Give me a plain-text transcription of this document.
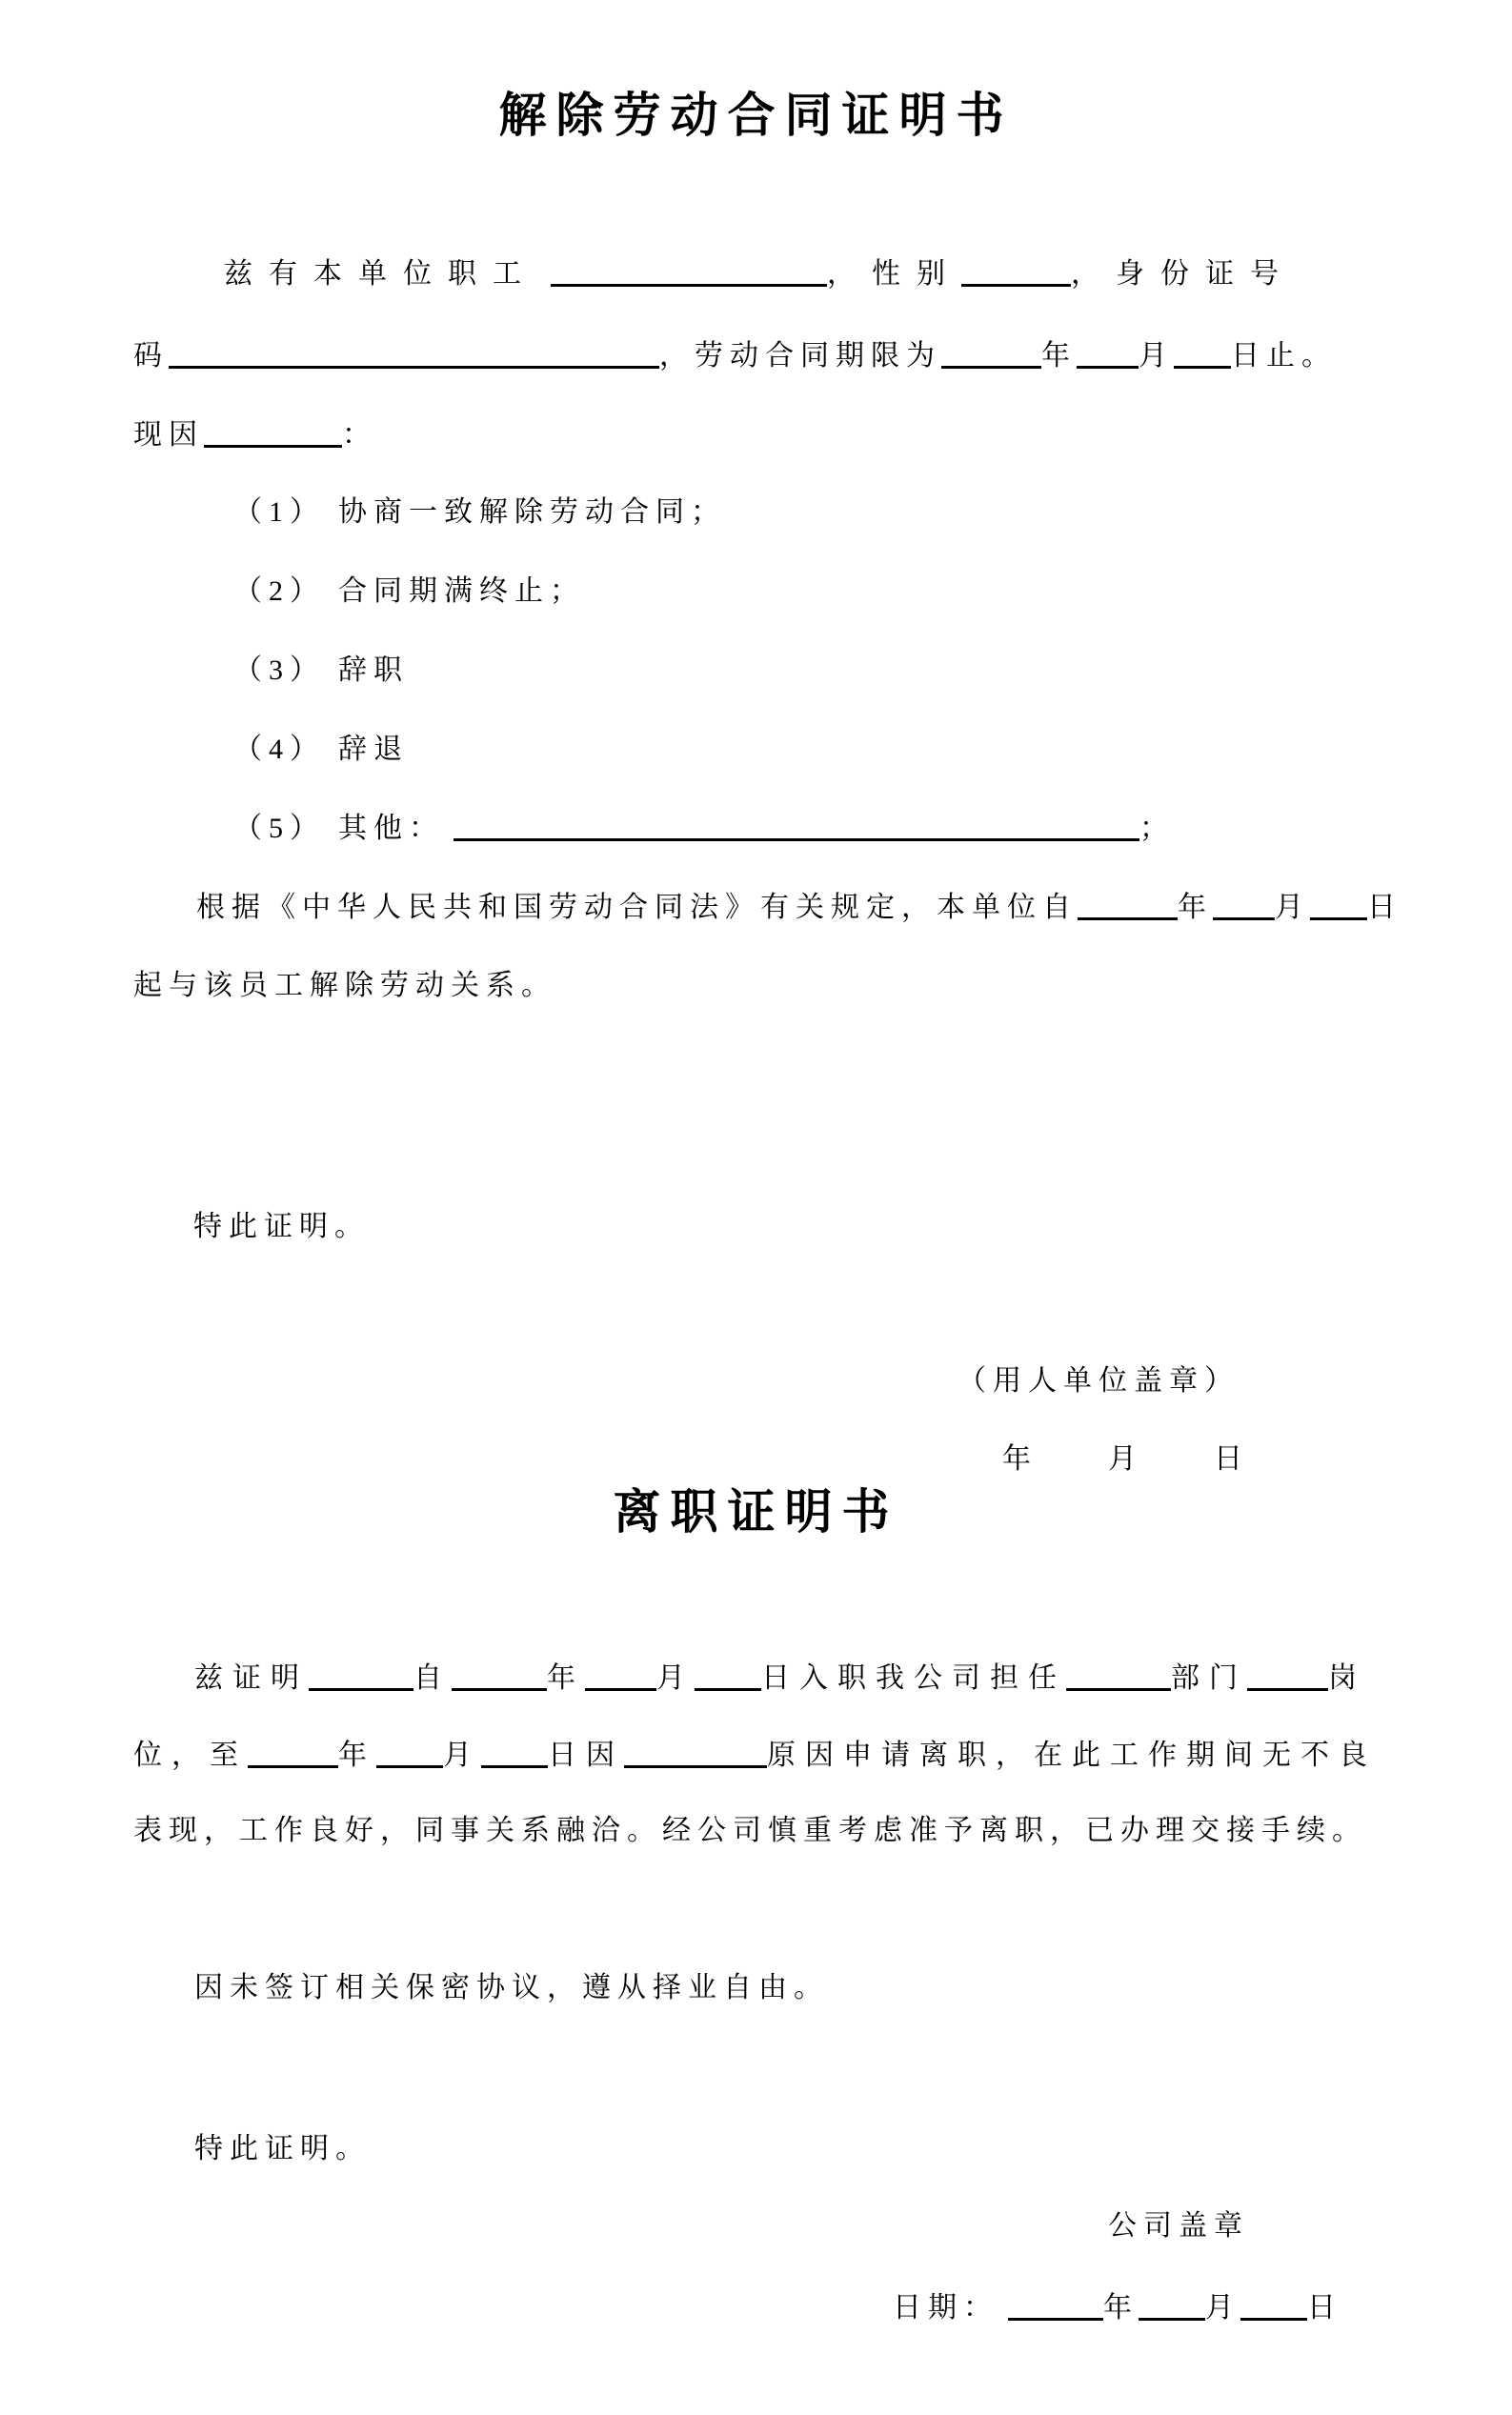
解除劳动合同证明书
兹有本单位职工	，性别	，身份证号
码	，劳动合同期限为	年 月 日止。
现因	：
（1） 协商一致解除劳动合同；
（2） 合同期满终止；
（3） 辞职
（4） 辞退
（5） 其他：	；
根据《中华人民共和国劳动合同法》有关规定，本单位自	年 月 日
起与该员工解除劳动关系。
特此证明。
（用人单位盖章）
年　　月　　日
离职证明书
兹证明	自	年	月 日入职我公司担任	部门	岗
位，至	年 月 日因	原因申请离职，在此工作期间无不良
表现，工作良好，同事关系融洽。经公司慎重考虑准予离职，已办理交接手续。
因未签订相关保密协议，遵从择业自由。
特此证明。
公司盖章
日期：	年 月 日
